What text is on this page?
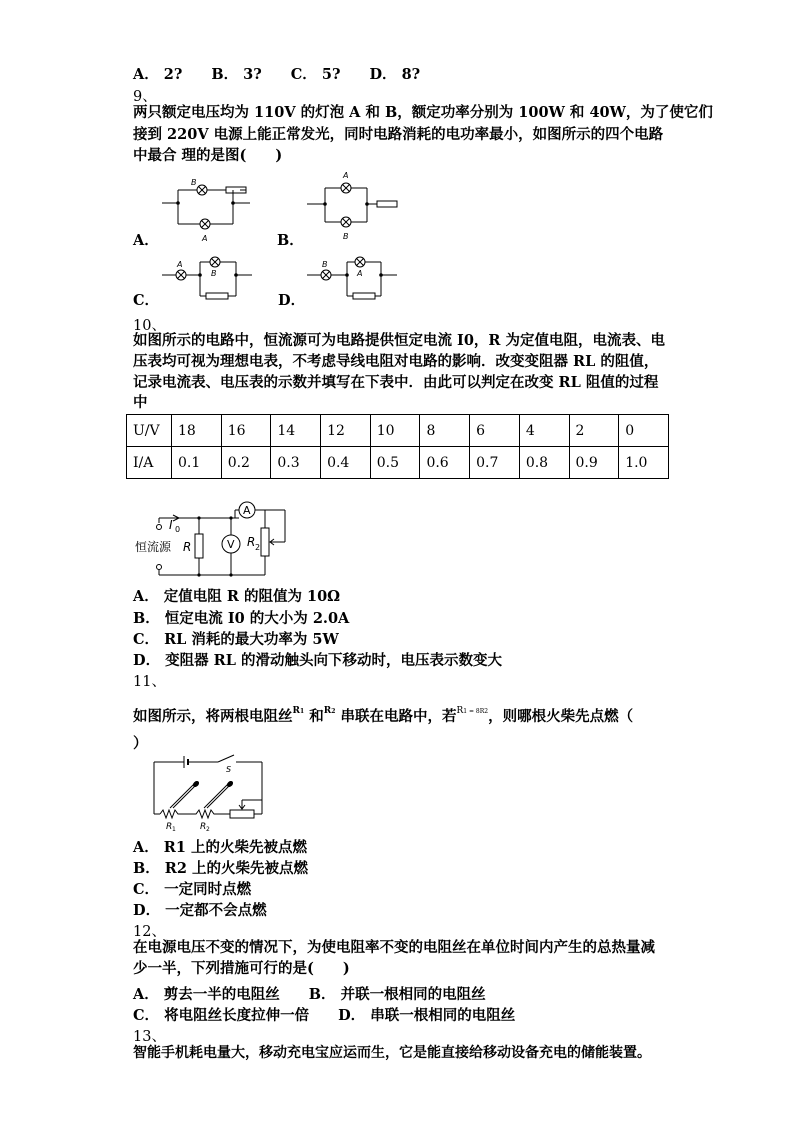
A． 2?　　B． 3?　　C． 5?　　D． 8?
9、
两只额定电压均为 110V 的灯泡 A 和 B，额定功率分别为 100W 和 40W，为了使它们
接到 220V 电源上能正常发光，同时电路消耗的电功率最小，如图所示的四个电路
中最合 理的是图(　　)
A．	B．
C．	D．
B
A
A
B
A
B
B
A
10、
如图所示的电路中，恒流源可为电路提供恒定电流 I0，R 为定值电阻，电流表、电
压表均可视为理想电表，不考虑导线电阻对电路的影响．改变变阻器 RL 的阻值，
记录电流表、电压表的示数并填写在下表中．由此可以判定在改变 RL 阻值的过程
中
U/V	18	16	14	12	10	8	6	4	2	0
I/A	0.1	0.2	0.3	0.4	0.5	0.6	0.7	0.8	0.9	1.0
A
V
恒流源
I 0
R	R 2
A． 定值电阻 R 的阻值为 10Ω
B． 恒定电流 I0 的大小为 2.0A
C． RL 消耗的最大功率为 5W
D． 变阻器 RL 的滑动触头向下移动时，电压表示数变大
11、
如图所示，将两根电阻丝$^{R1}$ 和$^{R2}$ 串联在电路中，若$^{R1 = 8R2}$，则哪根火柴先点燃（
）
S
R 1	R 2
A． R1 上的火柴先被点燃
B． R2 上的火柴先被点燃
C． 一定同时点燃
D． 一定都不会点燃
12、
在电源电压不变的情况下，为使电阻率不变的电阻丝在单位时间内产生的总热量减
少一半，下列措施可行的是(　　)
A． 剪去一半的电阻丝　　B． 并联一根相同的电阻丝
C． 将电阻丝长度拉伸一倍　　D． 串联一根相同的电阻丝
13、
智能手机耗电量大，移动充电宝应运而生，它是能直接给移动设备充电的储能装置。
